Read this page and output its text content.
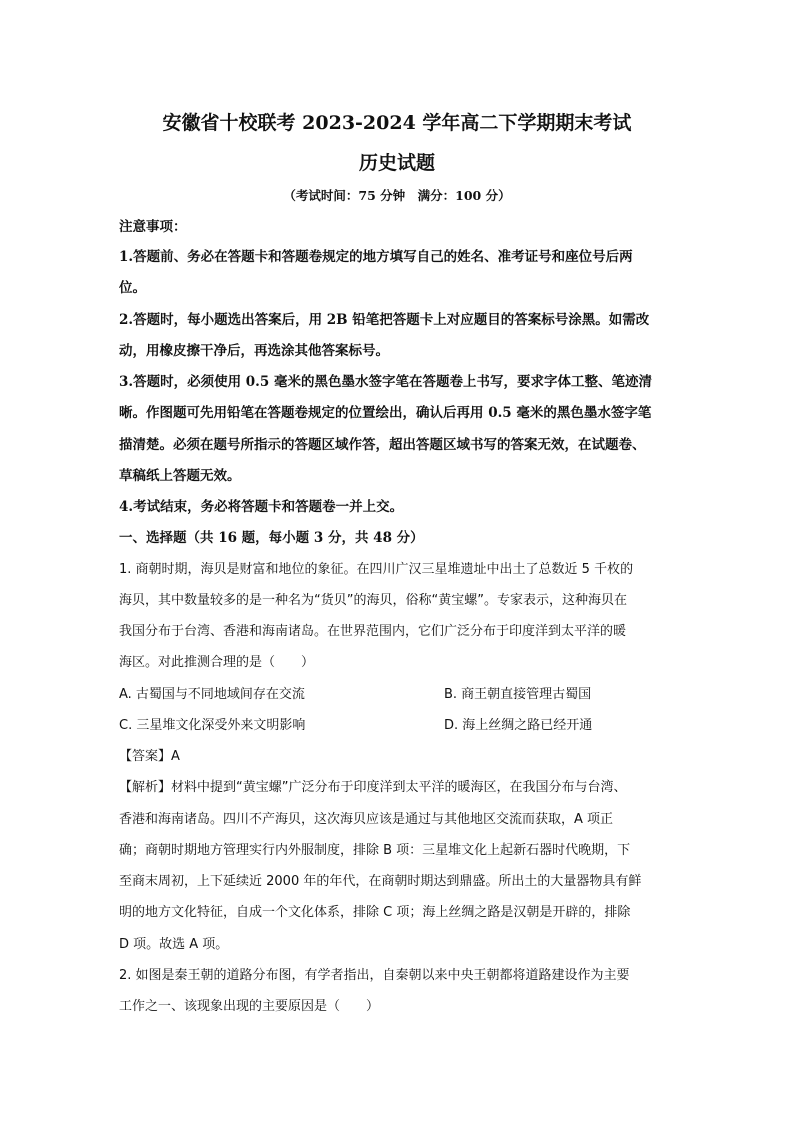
安徽省十校联考 2023-2024 学年高二下学期期末考试
历史试题
（考试时间：75 分钟　满分：100 分）
注意事项：
1.答题前、务必在答题卡和答题卷规定的地方填写自己的姓名、准考证号和座位号后两
位。
2.答题时，每小题选出答案后，用 2B 铅笔把答题卡上对应题目的答案标号涂黑。如需改
动，用橡皮擦干净后，再选涂其他答案标号。
3.答题时，必须使用 0.5 毫米的黑色墨水签字笔在答题卷上书写，要求字体工整、笔迹清
晰。作图题可先用铅笔在答题卷规定的位置绘出，确认后再用 0.5 毫米的黑色墨水签字笔
描清楚。必须在题号所指示的答题区域作答，超出答题区域书写的答案无效，在试题卷、
草稿纸上答题无效。
4.考试结束，务必将答题卡和答题卷一并上交。
一、选择题（共 16 题，每小题 3 分，共 48 分）
1. 商朝时期，海贝是财富和地位的象征。在四川广汉三星堆遗址中出土了总数近 5 千枚的
海贝，其中数量较多的是一种名为“货贝”的海贝，俗称“黄宝螺”。专家表示，这种海贝在
我国分布于台湾、香港和海南诸岛。在世界范围内，它们广泛分布于印度洋到太平洋的暖
海区。对此推测合理的是（　　）
A. 古蜀国与不同地域间存在交流	B. 商王朝直接管理古蜀国
C. 三星堆文化深受外来文明影响	D. 海上丝绸之路已经开通
【答案】A
【解析】材料中提到“黄宝螺”广泛分布于印度洋到太平洋的暖海区，在我国分布与台湾、
香港和海南诸岛。四川不产海贝，这次海贝应该是通过与其他地区交流而获取，A 项正
确；商朝时期地方管理实行内外服制度，排除 B 项：三星堆文化上起新石器时代晚期，下
至商末周初，上下延续近 2000 年的年代，在商朝时期达到鼎盛。所出土的大量器物具有鲜
明的地方文化特征，自成一个文化体系，排除 C 项；海上丝绸之路是汉朝是开辟的，排除
D 项。故选 A 项。
2. 如图是秦王朝的道路分布图，有学者指出，自秦朝以来中央王朝都将道路建设作为主要
工作之一、该现象出现的主要原因是（　　）
